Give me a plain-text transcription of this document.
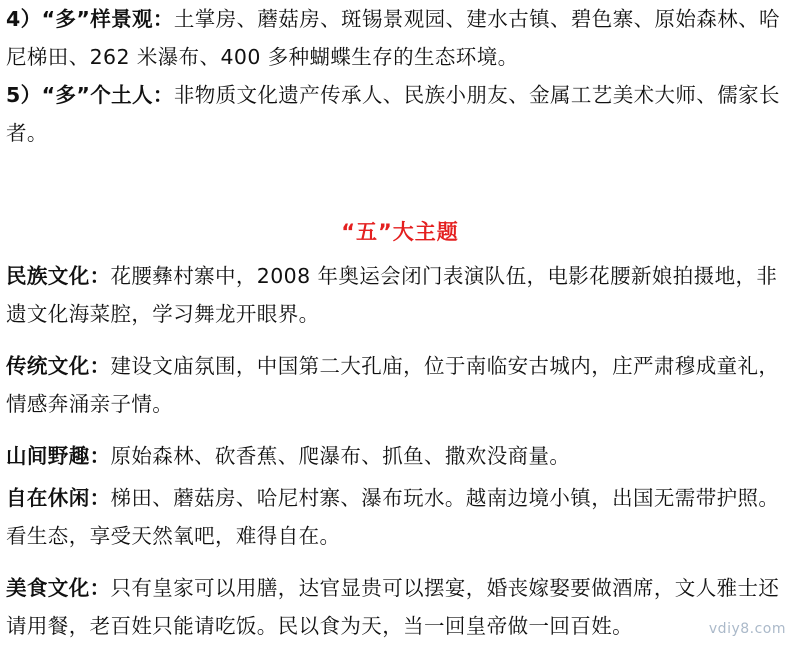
4）“多”样景观：土掌房、蘑菇房、斑锡景观园、建水古镇、碧色寨、原始森林、哈尼梯田、262 米瀑布、400 多种蝴蝶生存的生态环境。

5）“多”个土人：非物质文化遗产传承人、民族小朋友、金属工艺美术大师、儒家长者。

“五”大主题

民族文化：花腰彝村寨中，2008 年奥运会闭门表演队伍，电影花腰新娘拍摄地，非遗文化海菜腔，学习舞龙开眼界。

传统文化：建设文庙氛围，中国第二大孔庙，位于南临安古城内，庄严肃穆成童礼，情感奔涌亲子情。

山间野趣：原始森林、砍香蕉、爬瀑布、抓鱼、撒欢没商量。

自在休闲：梯田、蘑菇房、哈尼村寨、瀑布玩水。越南边境小镇，出国无需带护照。看生态，享受天然氧吧，难得自在。

美食文化：只有皇家可以用膳，达官显贵可以摆宴，婚丧嫁娶要做酒席，文人雅士还请用餐，老百姓只能请吃饭。民以食为天，当一回皇帝做一回百姓。	vdiy8.com
